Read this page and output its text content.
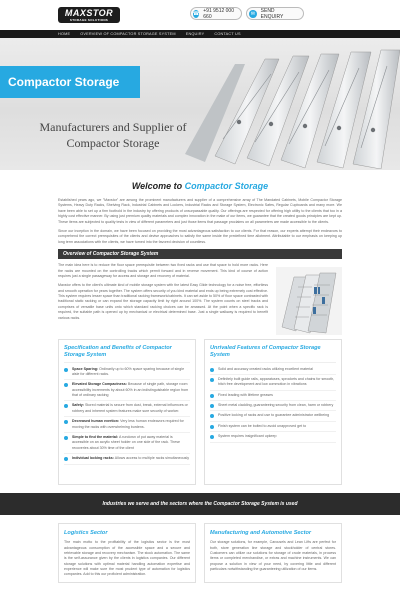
MAXSTOR
STORAGE SOLUTIONS
☎ +91 9512 000 660	✉	SEND ENQUIRY
HOME	OVERVIEW OF COMPACTOR STORAGE SYSTEM	ENQUIRY	CONTACT US
Compactor Storage
Manufacturers and Supplier of
Compactor Storage
Welcome to Compactor Storage

Established years ago, we "Maxstor" are among the prominent manufacturers and supplier of a comprehensive array of The Mandated Cabinets, Mobile Compactor Storage Systems, Heavy Duty Racks, Shelving Rack, Industrial Cabinets and Lockers, Industrial Racks and Storage System, Electronic Safes, Regular Cupboards and many more. We have been able to set up a firm foothold in the industry by offering products of unsurpassable quality. Our offerings are respected for offering high utility to the clients that too in a highly cost effective manner. By using just premium quality materials and complex innovation in the make of our items, we guarantee that the created goods principles are kept up. These items are subjected to quality tests in view of different parameters and just those items that passage proclaims on all parameters are made accessible to the clients.

Since our inception in the domain, we have been focused on providing the most advantageous satisfaction to our clients. For that reason, our experts attempt their endeavors to comprehend the correct prerequisites of the clients and devise approaches to satisfy the same inside the predefined time allotment. Attributable to our emphasis on keeping up long term associations with the clients, we have turned into the favored decision of countless.

Overview of Compactor Storage System

The main idea here is to reduce the floor space prerequisite between two fixed racks and use that space to hold more racks. Here the racks are mounted on the controlling tracks which permit forward and in reverse movement. This kind of course of action requires just a single passageway for access and storage and recovery of material.

Maxstor offers to the client's ultimate kind of mobile storage system with the latest Easy Glide technology for a noise free, effortless and smooth operation for years together. The system offers security of you kind material and ends up being extremely cost effective. This system requires lesser space than traditional racking framework/cabinets. It can set aside to 50% of floor space contrasted with traditional static racking or can expand the storage capacity limit by right around 100%. The system counts on steel tracks and comprises of versatile base units onto which standard racking choices can be amassed. At the point when a specific rack is required, the suitable path is opened up by mechanical or electrical determined base. Just a single walkway is required to benefit various racks.

Specification and Benefits of Compactor Storage System
Space Sparing: Ordinarily up to 60% space sparing because of single aisle for different racks.
Elevated Storage Compactness: Because of single path, storage room accessibility increments by about 60% in an indistinguishable region from that of ordinary racking
Safety: Stored material is secure from dust, break, external influences or robbery and inherent system features make sure security of worker.
Decreased human exertion: Very less human endeavors required for moving the racks with overwhelming burdens.
Simple to find the material: A rundown of put away material is accessible on an acrylic sheet holder on one side of the rack. These recoveries about 30% time of the client
Individual locking racks: Allows access to multiple racks simultaneously
Unrivaled Features of Compactor Storage System
Solid and accuracy created racks utilizing excellent material
Definitely built guide rails, apparatuses, sprockets and chains for smooth, hitch free development and low commotion in vibrations
Fixed leading with lifetime greases
Sheet metal cladding, guaranteeing security from clean, harm or robbery
Positive locking of racks and use to guarantee administrator wellbeing
Finish system can be bolted to avoid unapproved get to
System requires insignificant upkeep
Industries we serve and the sectors where the Compactor Storage System is used
Logistics Sector

The main motto to the profitability of the logistics sector is the most advantageous consumption of the accessible space and a secure and retrievable storage and recovery mechanism. The stock automation. The same is the self-assurance given by the clients in logistics companies. Our different storage solutions with optimal material handling automation expertise and experience will make sure the most prudent type of automation for logistics companies. Add to this our proficient administration.

Manufacturing and Automotive Sector

Our storage solutions, for example, Carousels and Lean Lifts are perfect for both, store generation line storage and stockholder of central stores. Customers can utilize our solutions for storage of crude materials, in process items or completed merchandise, or extras and machine instruments. We can propose a solution in view of your need, by covering little and different particulars notwithstanding the guaranteeing utilization of our items.
